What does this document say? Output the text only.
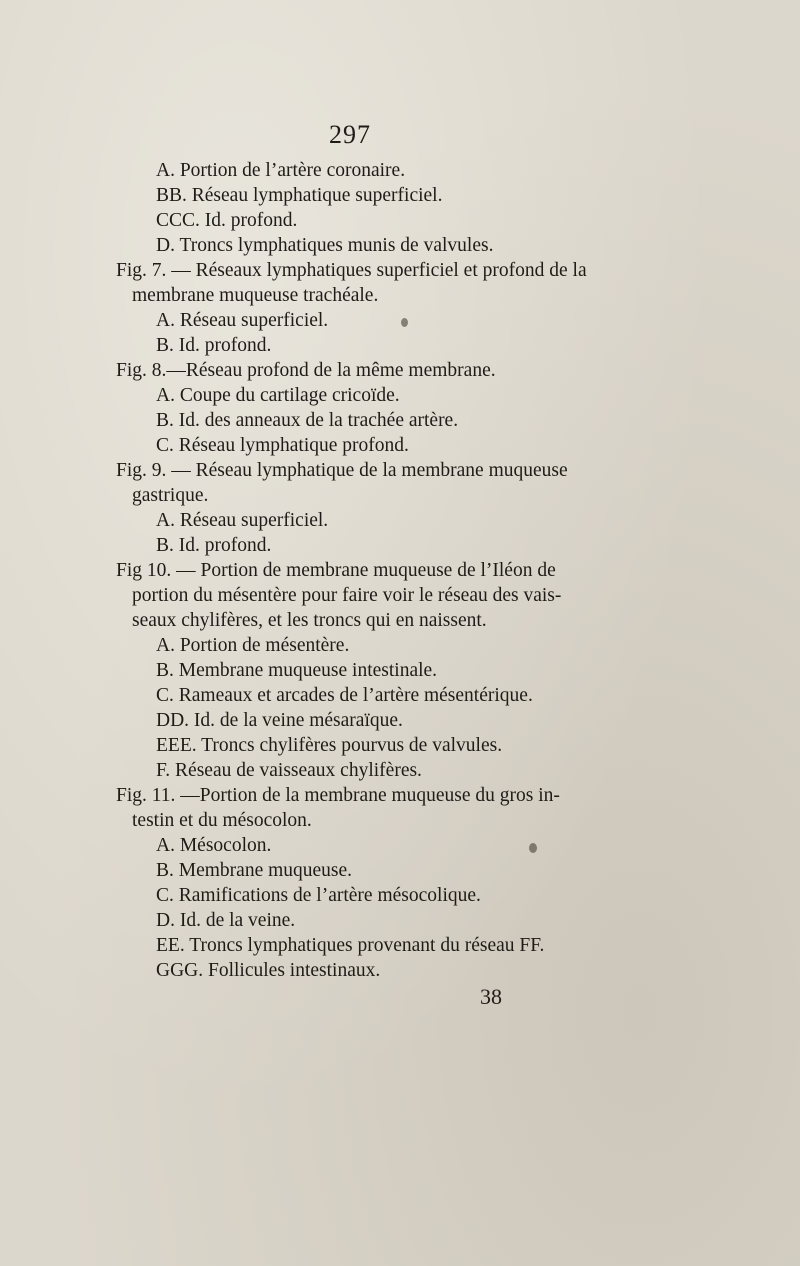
297
A. Portion de l’artère coronaire.
BB. Réseau lymphatique superficiel.
CCC. Id. profond.
D. Troncs lymphatiques munis de valvules.
Fig. 7. — Réseaux lymphatiques superficiel et profond de la
membrane muqueuse trachéale.
A. Réseau superficiel.
B. Id. profond.
Fig. 8.—Réseau profond de la même membrane.
A. Coupe du cartilage cricoïde.
B. Id. des anneaux de la trachée artère.
C. Réseau lymphatique profond.
Fig. 9. — Réseau lymphatique de la membrane muqueuse
gastrique.
A. Réseau superficiel.
B. Id. profond.
Fig 10. — Portion de membrane muqueuse de l’Iléon de
portion du mésentère pour faire voir le réseau des vais-
seaux chylifères, et les troncs qui en naissent.
A. Portion de mésentère.
B. Membrane muqueuse intestinale.
C. Rameaux et arcades de l’artère mésentérique.
DD. Id. de la veine mésaraïque.
EEE. Troncs chylifères pourvus de valvules.
F. Réseau de vaisseaux chylifères.
Fig. 11. —Portion de la membrane muqueuse du gros in-
testin et du mésocolon.
A. Mésocolon.
B. Membrane muqueuse.
C. Ramifications de l’artère mésocolique.
D. Id. de la veine.
EE. Troncs lymphatiques provenant du réseau FF.
GGG. Follicules intestinaux.
38
